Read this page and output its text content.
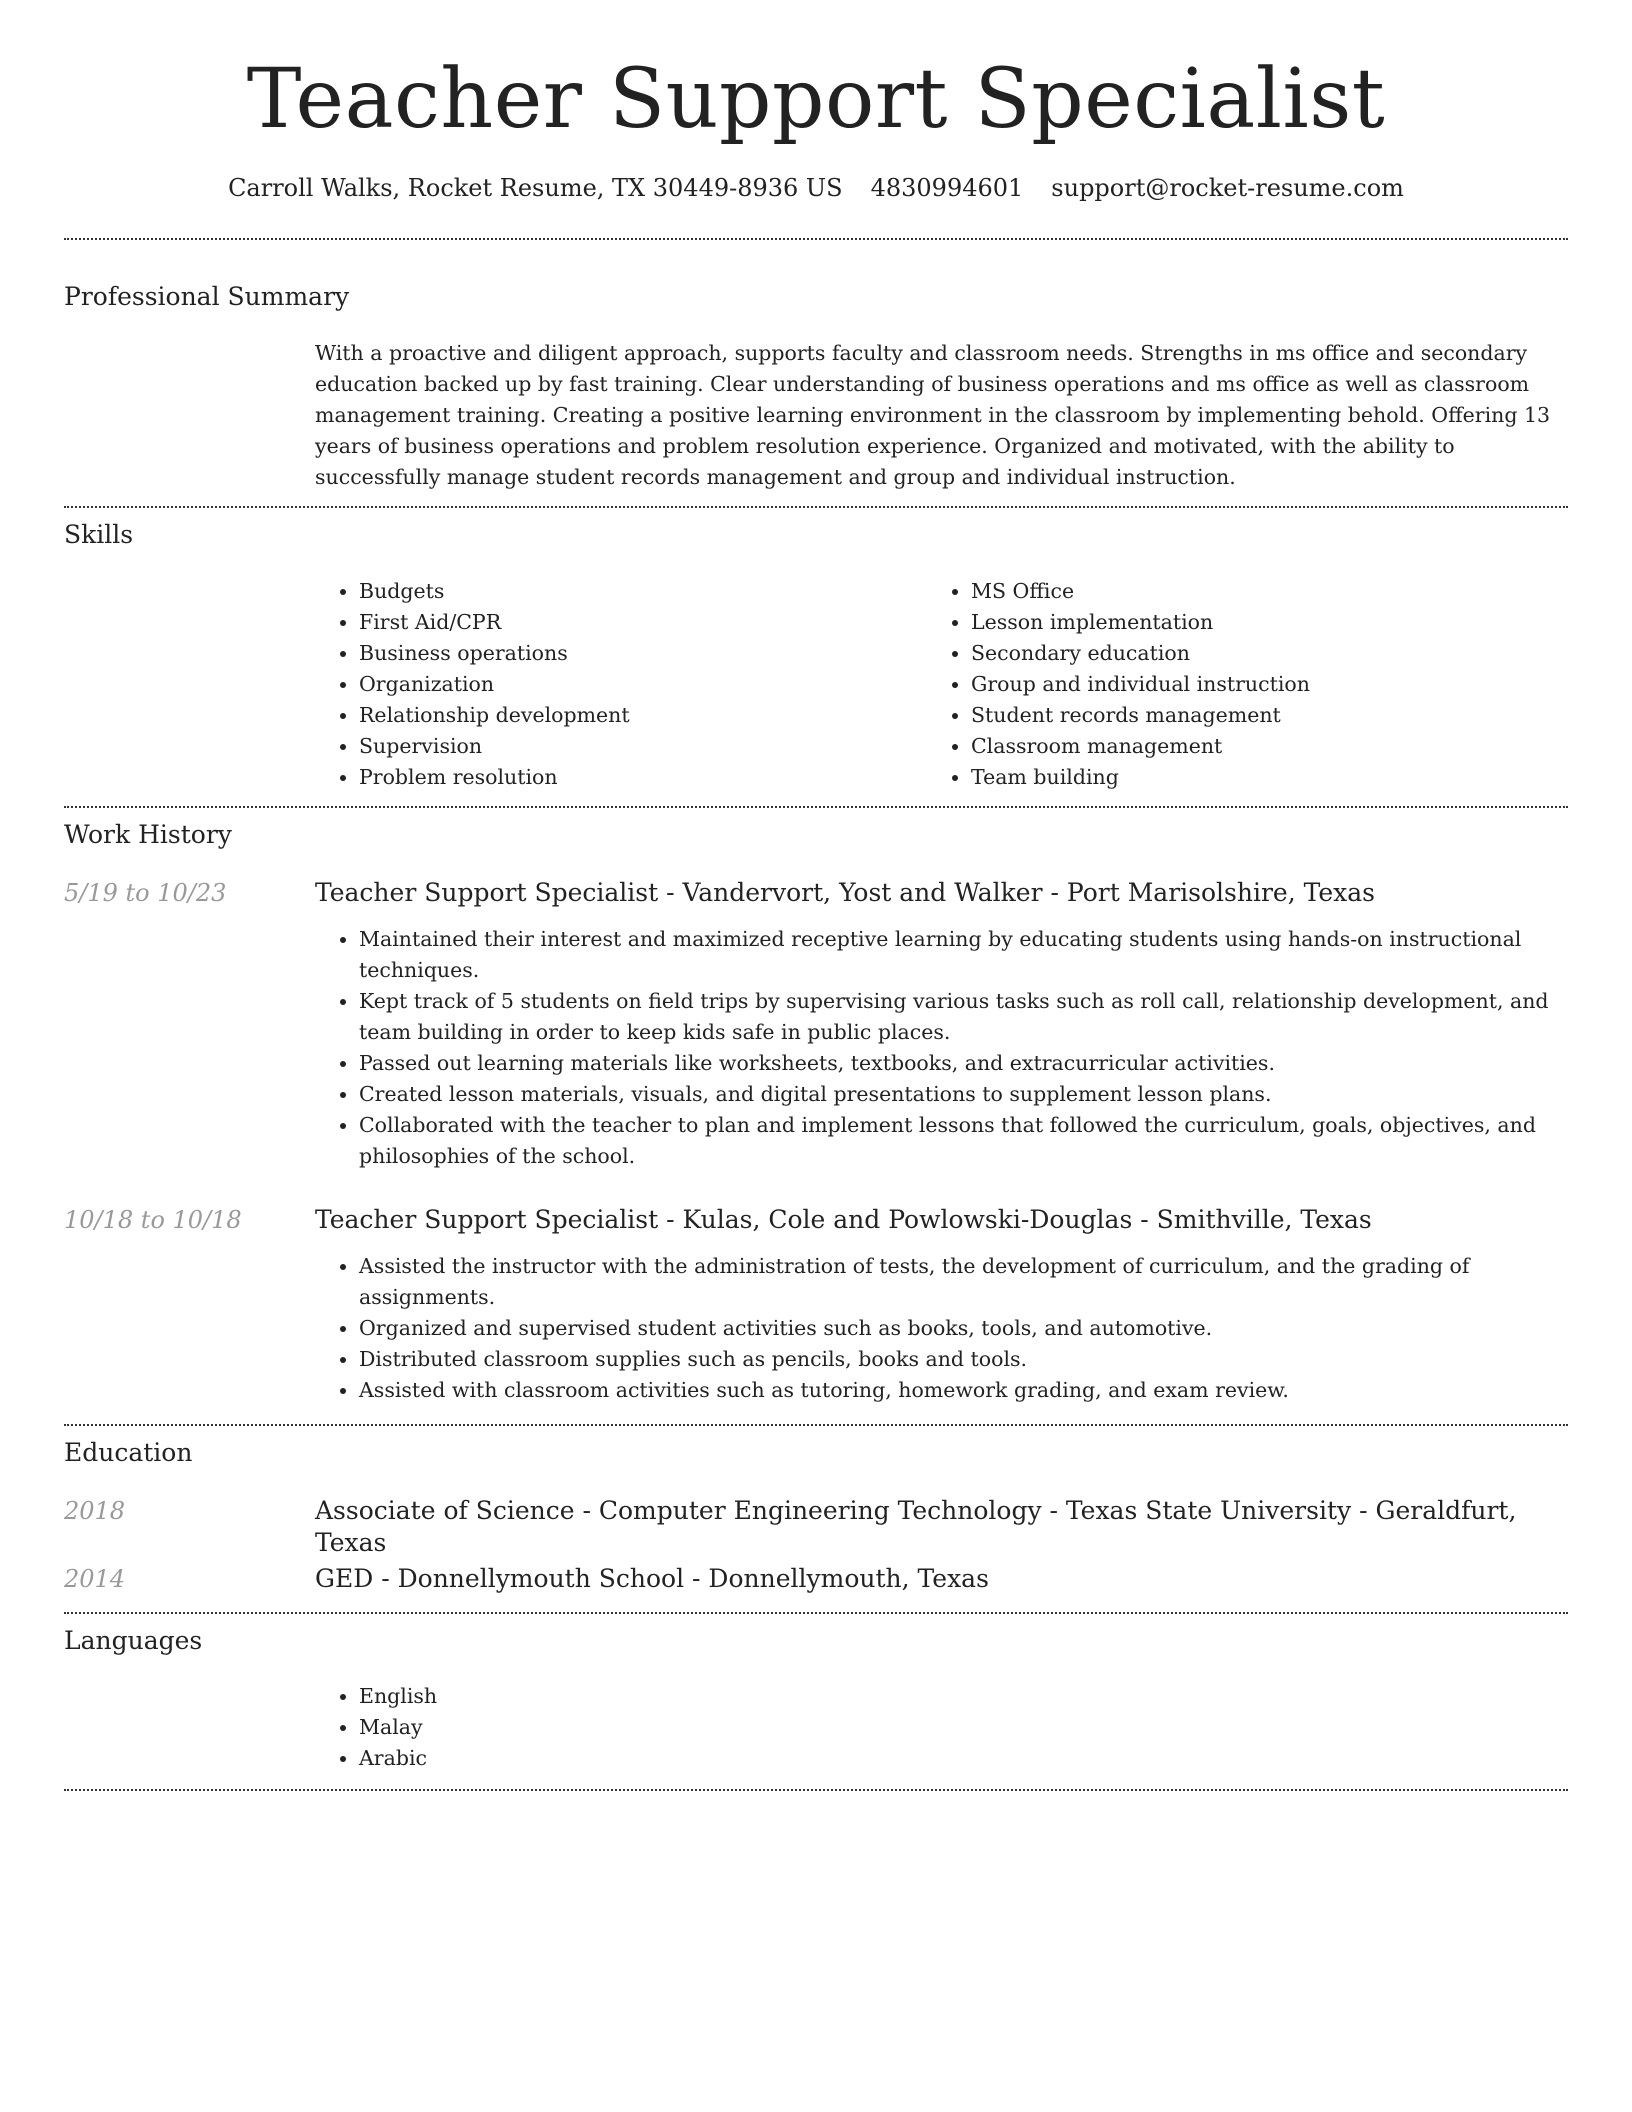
Teacher Support Specialist
Carroll Walks, Rocket Resume, TX 30449-8936 US 4830994601 support@rocket-resume.com
Professional Summary

With a proactive and diligent approach, supports faculty and classroom needs. Strengths in ms office and secondary education backed up by fast training. Clear understanding of business operations and ms office as well as classroom management training. Creating a positive learning environment in the classroom by implementing behold. Offering 13 years of business operations and problem resolution experience. Organized and motivated, with the ability to successfully manage student records management and group and individual instruction.

Skills
• Budgets
• First Aid/CPR
• Business operations
• Organization
• Relationship development
• Supervision
• Problem resolution
• MS Office
• Lesson implementation
• Secondary education
• Group and individual instruction
• Student records management
• Classroom management
• Team building
Work History
5/19 to 10/23	Teacher Support Specialist - Vandervort, Yost and Walker - Port Marisolshire, Texas

• Maintained their interest and maximized receptive learning by educating students using hands-on instructional techniques.
• Kept track of 5 students on field trips by supervising various tasks such as roll call, relationship development, and team building in order to keep kids safe in public places.
• Passed out learning materials like worksheets, textbooks, and extracurricular activities.
• Created lesson materials, visuals, and digital presentations to supplement lesson plans.
• Collaborated with the teacher to plan and implement lessons that followed the curriculum, goals, objectives, and philosophies of the school.
10/18 to 10/18	Teacher Support Specialist - Kulas, Cole and Powlowski-Douglas - Smithville, Texas

• Assisted the instructor with the administration of tests, the development of curriculum, and the grading of assignments.
• Organized and supervised student activities such as books, tools, and automotive.
• Distributed classroom supplies such as pencils, books and tools.
• Assisted with classroom activities such as tutoring, homework grading, and exam review.
Education
2018	Associate of Science - Computer Engineering Technology - Texas State University - Geraldfurt, Texas

2014	GED - Donnellymouth School - Donnellymouth, Texas

Languages
• English
• Malay
• Arabic
